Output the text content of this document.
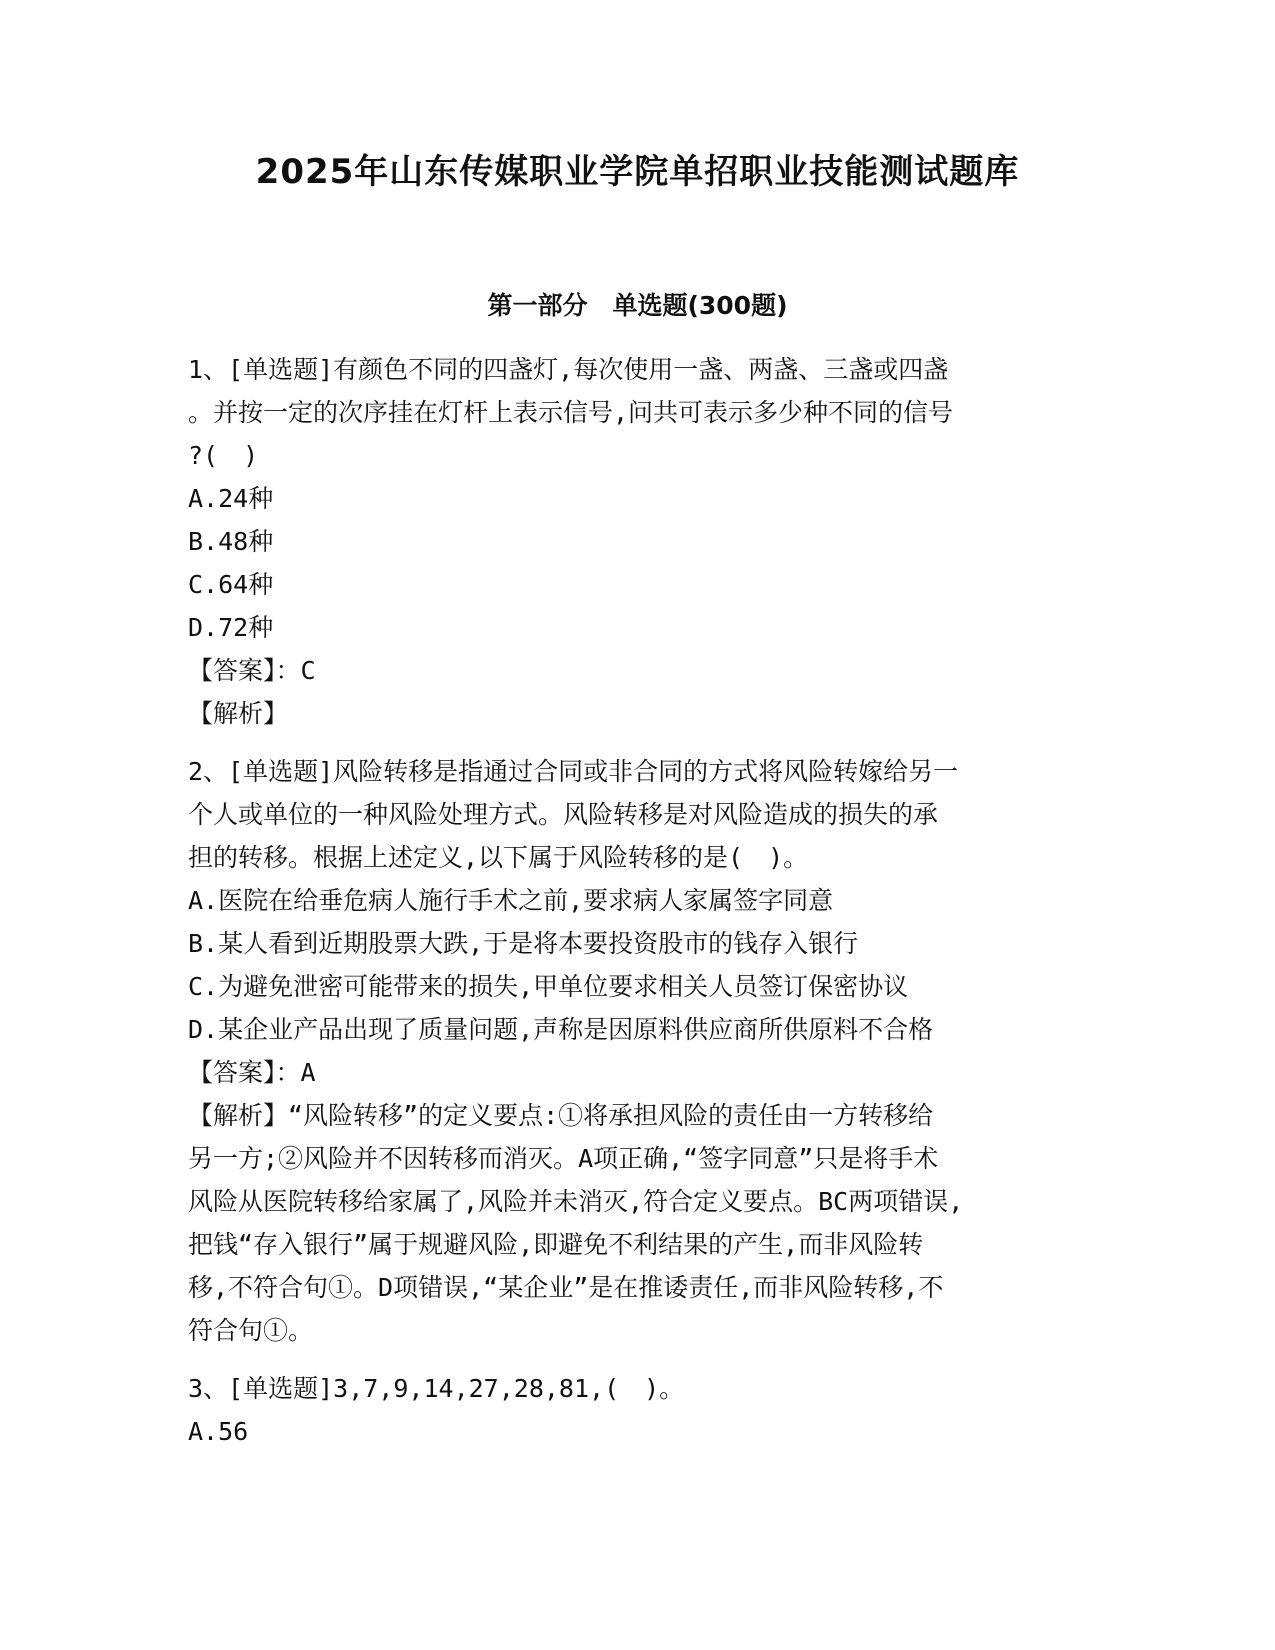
2025年山东传媒职业学院单招职业技能测试题库
第一部分　单选题(300题)
1、[单选题]有颜色不同的四盏灯,每次使用一盏、两盏、三盏或四盏
。并按一定的次序挂在灯杆上表示信号,问共可表示多少种不同的信号
?(　)
A.24种
B.48种
C.64种
D.72种
【答案】：C
【解析】
2、[单选题]风险转移是指通过合同或非合同的方式将风险转嫁给另一
个人或单位的一种风险处理方式。风险转移是对风险造成的损失的承
担的转移。根据上述定义,以下属于风险转移的是(　)。
A.医院在给垂危病人施行手术之前,要求病人家属签字同意
B.某人看到近期股票大跌,于是将本要投资股市的钱存入银行
C.为避免泄密可能带来的损失,甲单位要求相关人员签订保密协议
D.某企业产品出现了质量问题,声称是因原料供应商所供原料不合格
【答案】：A
【解析】“风险转移”的定义要点:①将承担风险的责任由一方转移给
另一方;②风险并不因转移而消灭。A项正确,“签字同意”只是将手术
风险从医院转移给家属了,风险并未消灭,符合定义要点。BC两项错误,
把钱“存入银行”属于规避风险,即避免不利结果的产生,而非风险转
移,不符合句①。D项错误,“某企业”是在推诿责任,而非风险转移,不
符合句①。
3、[单选题]3,7,9,14,27,28,81,(　)。
A.56
